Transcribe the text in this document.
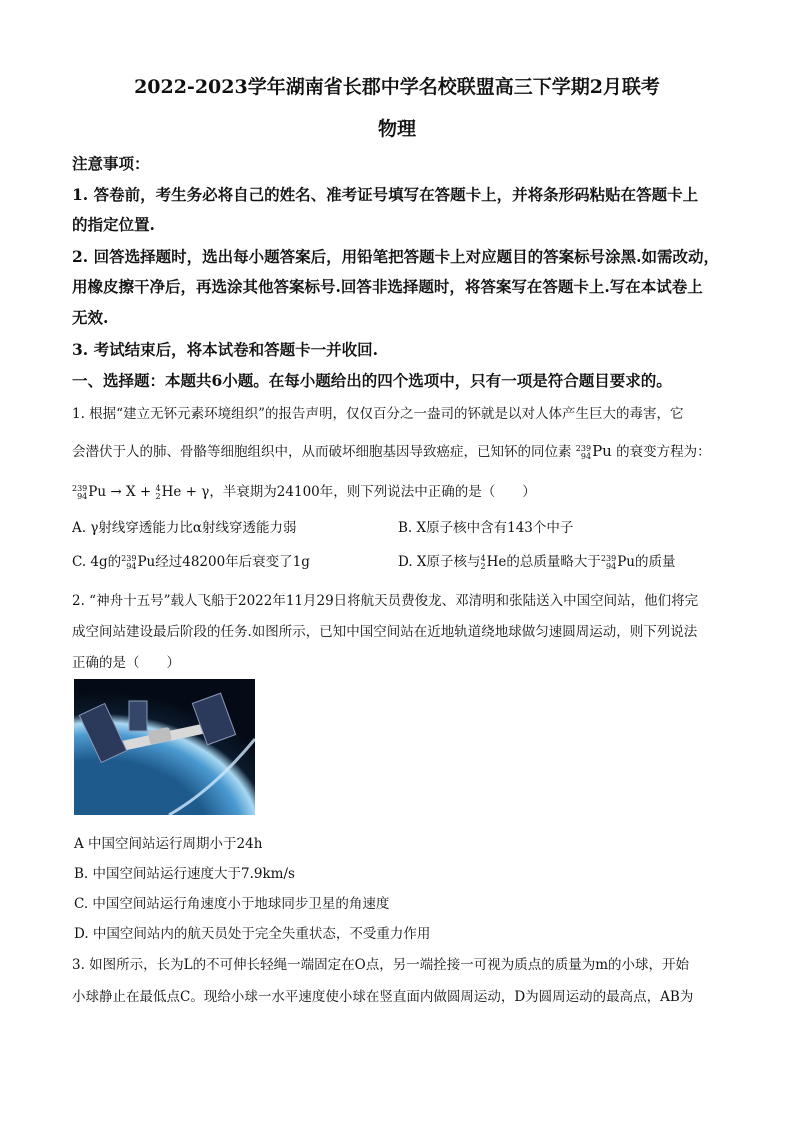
2022-2023学年湖南省长郡中学名校联盟高三下学期2月联考
物理
注意事项：
1. 答卷前，考生务必将自己的姓名、准考证号填写在答题卡上，并将条形码粘贴在答题卡上
的指定位置.
2. 回答选择题时，选出每小题答案后，用铅笔把答题卡上对应题目的答案标号涂黑.如需改动，
用橡皮擦干净后，再选涂其他答案标号.回答非选择题时，将答案写在答题卡上.写在本试卷上
无效.
3. 考试结束后，将本试卷和答题卡一并收回.
一、选择题：本题共6小题。在每小题给出的四个选项中，只有一项是符合题目要求的。
1. 根据“建立无钚元素环境组织”的报告声明，仅仅百分之一盎司的钚就是以对人体产生巨大的毒害，它
会潜伏于人的肺、骨骼等细胞组织中，从而破坏细胞基因导致癌症，已知钚的同位素 239
94 Pu 的衰变方程为：
239
94 Pu → X + 4
2 He + γ，半衰期为24100年，则下列说法中正确的是（　　）
A. γ射线穿透能力比α射线穿透能力弱	B. X原子核中含有143个中子
C. 4g的 239
94 Pu经过48200年后衰变了1g	D. X原子核与 4
2 He的总质量略大于 239
94 Pu的质量
2. “神舟十五号”载人飞船于2022年11月29日将航天员费俊龙、邓清明和张陆送入中国空间站，他们将完
成空间站建设最后阶段的任务.如图所示，已知中国空间站在近地轨道绕地球做匀速圆周运动，则下列说法
正确的是（　　）
A 中国空间站运行周期小于24h
B. 中国空间站运行速度大于7.9km/s
C. 中国空间站运行角速度小于地球同步卫星的角速度
D. 中国空间站内的航天员处于完全失重状态，不受重力作用
3. 如图所示，长为L的不可伸长轻绳一端固定在O点，另一端拴接一可视为质点的质量为m的小球，开始
小球静止在最低点C。现给小球一水平速度使小球在竖直面内做圆周运动，D为圆周运动的最高点，AB为
